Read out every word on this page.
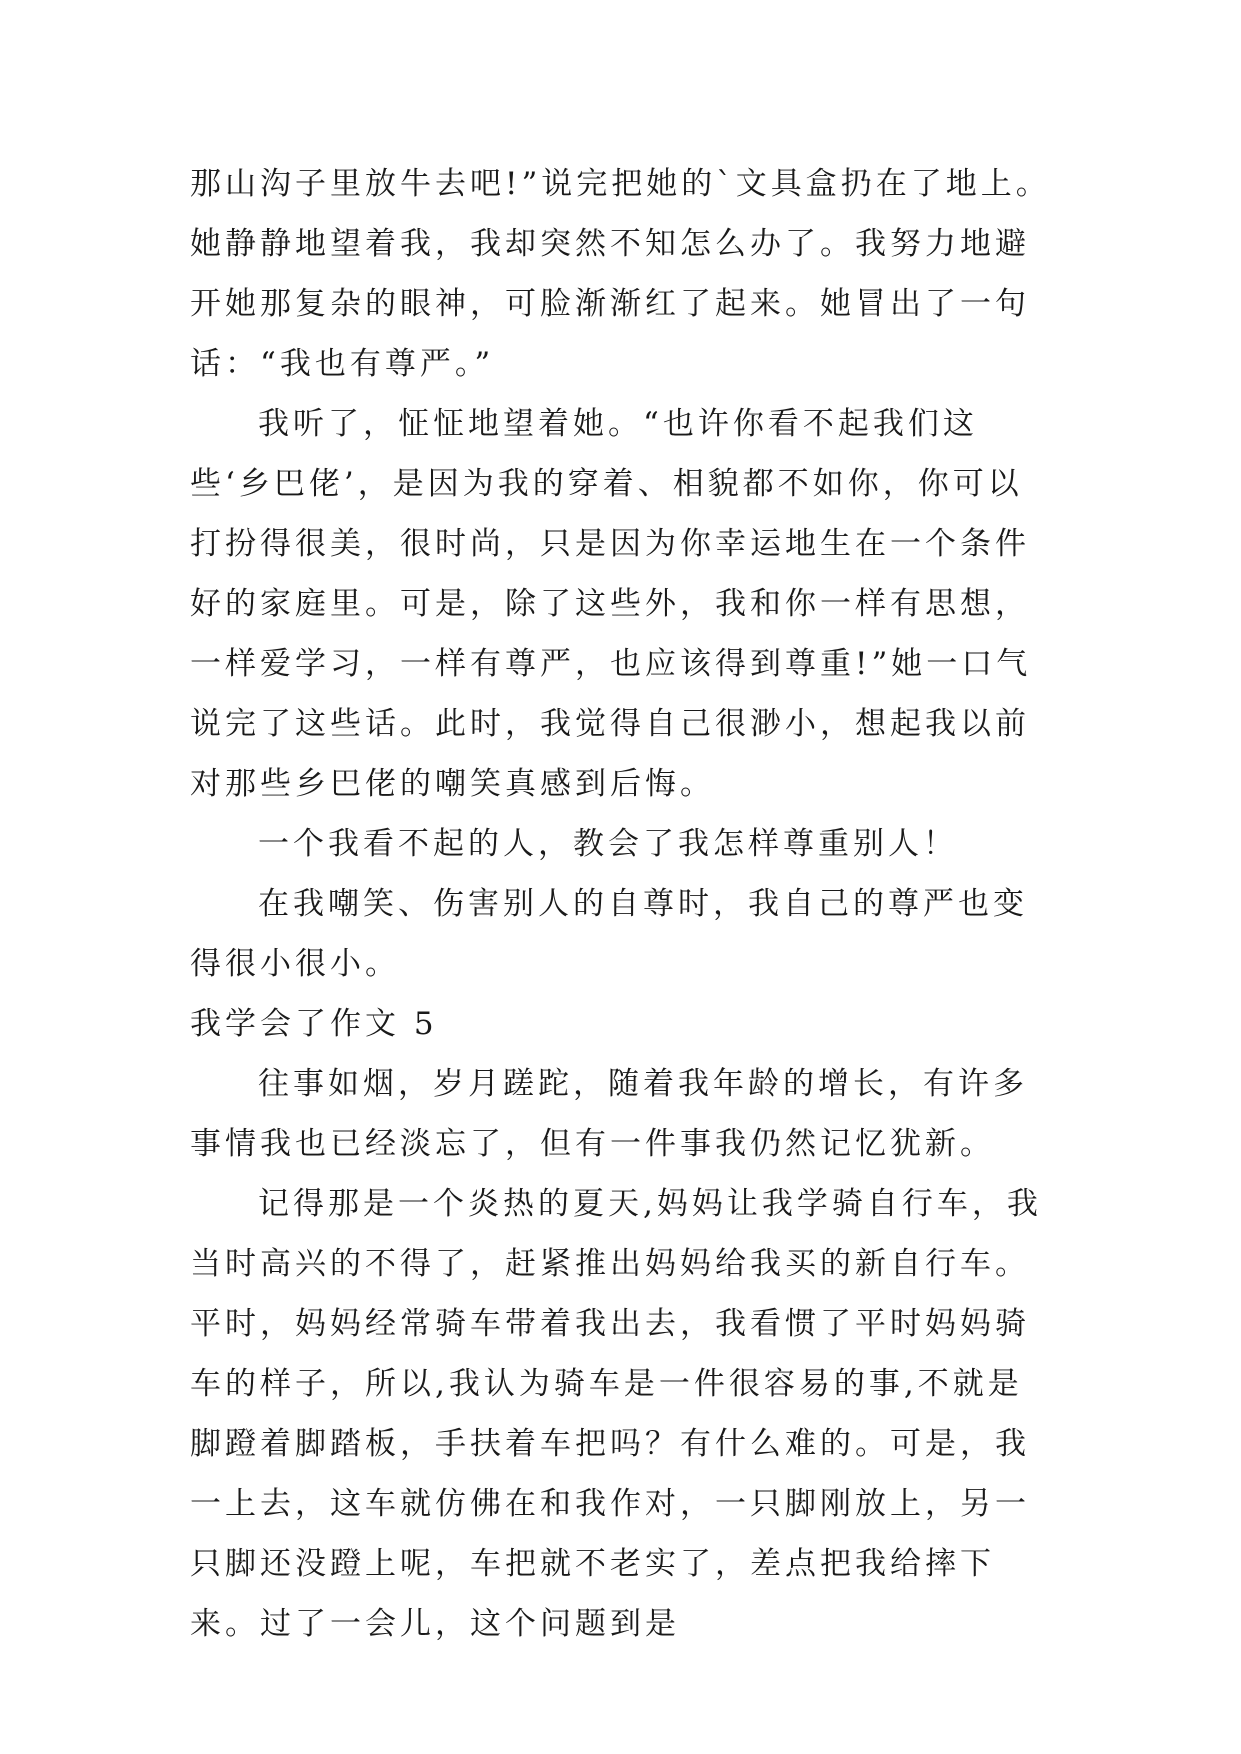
那山沟子里放牛去吧!”说完把她的`文具盒扔在了地上。她静静地望着我，我却突然不知怎么办了。我努力地避开她那复杂的眼神，可脸渐渐红了起来。她冒出了一句话：“我也有尊严。”

我听了，怔怔地望着她。“也许你看不起我们这些‘乡巴佬’，是因为我的穿着、相貌都不如你，你可以打扮得很美，很时尚，只是因为你幸运地生在一个条件好的家庭里。可是，除了这些外，我和你一样有思想，一样爱学习，一样有尊严，也应该得到尊重!”她一口气说完了这些话。此时，我觉得自己很渺小，想起我以前对那些乡巴佬的嘲笑真感到后悔。

一个我看不起的人，教会了我怎样尊重别人！

在我嘲笑、伤害别人的自尊时，我自己的尊严也变得很小很小。

我学会了作文 5

往事如烟，岁月蹉跎，随着我年龄的增长，有许多事情我也已经淡忘了，但有一件事我仍然记忆犹新。

记得那是一个炎热的夏天,妈妈让我学骑自行车，我当时高兴的不得了，赶紧推出妈妈给我买的新自行车。平时，妈妈经常骑车带着我出去，我看惯了平时妈妈骑车的样子，所以,我认为骑车是一件很容易的事,不就是脚蹬着脚踏板，手扶着车把吗？有什么难的。可是，我一上去，这车就仿佛在和我作对，一只脚刚放上，另一只脚还没蹬上呢，车把就不老实了，差点把我给摔下来。过了一会儿，这个问题到是
